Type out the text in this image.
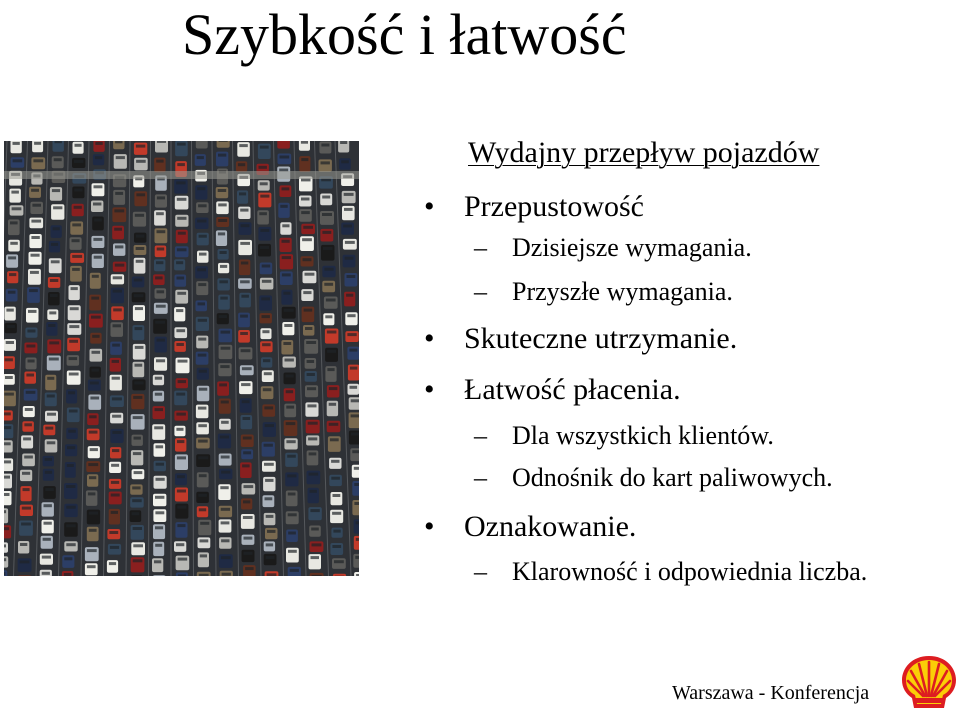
Szybkość i łatwość
Wydajny przepływ pojazdów
• Przepustowość
– Dzisiejsze wymagania.
– Przyszłe wymagania.
• Skuteczne utrzymanie.
• Łatwość płacenia.
– Dla wszystkich klientów.
– Odnośnik do kart paliwowych.
• Oznakowanie.
– Klarowność i odpowiednia liczba.
Warszawa - Konferencja
